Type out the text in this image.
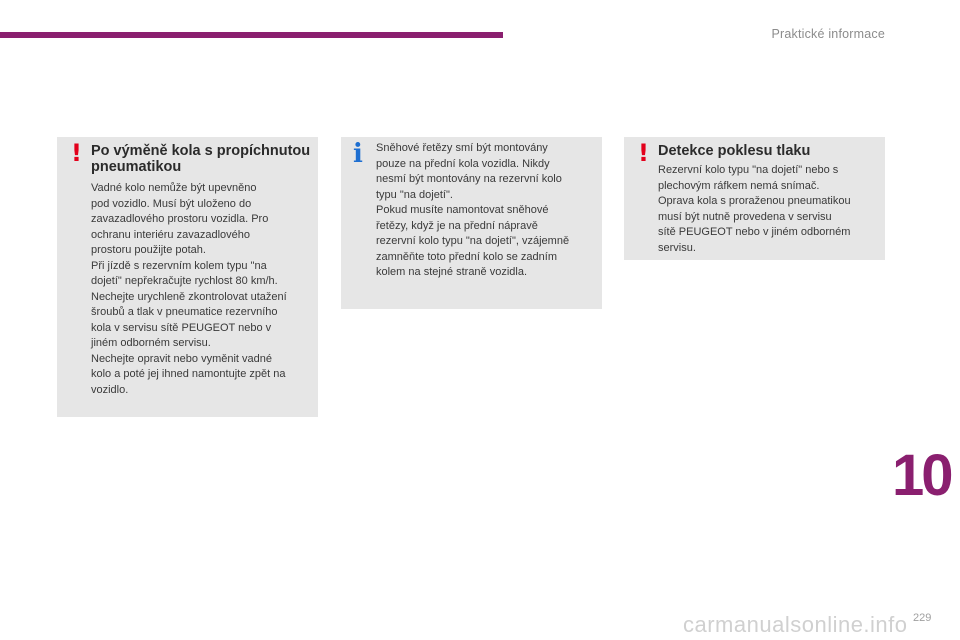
Praktické informace
! Po výměně kola s propíchnutou pneumatikou

Vadné kolo nemůže být upevněno
pod vozidlo. Musí být uloženo do
zavazadlového prostoru vozidla. Pro
ochranu interiéru zavazadlového
prostoru použijte potah.
Při jízdě s rezervním kolem typu "na
dojetí" nepřekračujte rychlost 80 km/h.
Nechejte urychleně zkontrolovat utažení
šroubů a tlak v pneumatice rezervního
kola v servisu sítě PEUGEOT nebo v
jiném odborném servisu.
Nechejte opravit nebo vyměnit vadné
kolo a poté jej ihned namontujte zpět na
vozidlo.

i Sněhové řetězy smí být montovány
pouze na přední kola vozidla. Nikdy
nesmí být montovány na rezervní kolo
typu "na dojetí".
Pokud musíte namontovat sněhové
řetězy, když je na přední nápravě
rezervní kolo typu "na dojetí", vzájemně
zamněňte toto přední kolo se zadním
kolem na stejné straně vozidla.

! Detekce poklesu tlaku

Rezervní kolo typu "na dojetí" nebo s
plechovým ráfkem nemá snímač.
Oprava kola s proraženou pneumatikou
musí být nutně provedena v servisu
sítě PEUGEOT nebo v jiném odborném
servisu.

10
carmanualsonline.info 229
